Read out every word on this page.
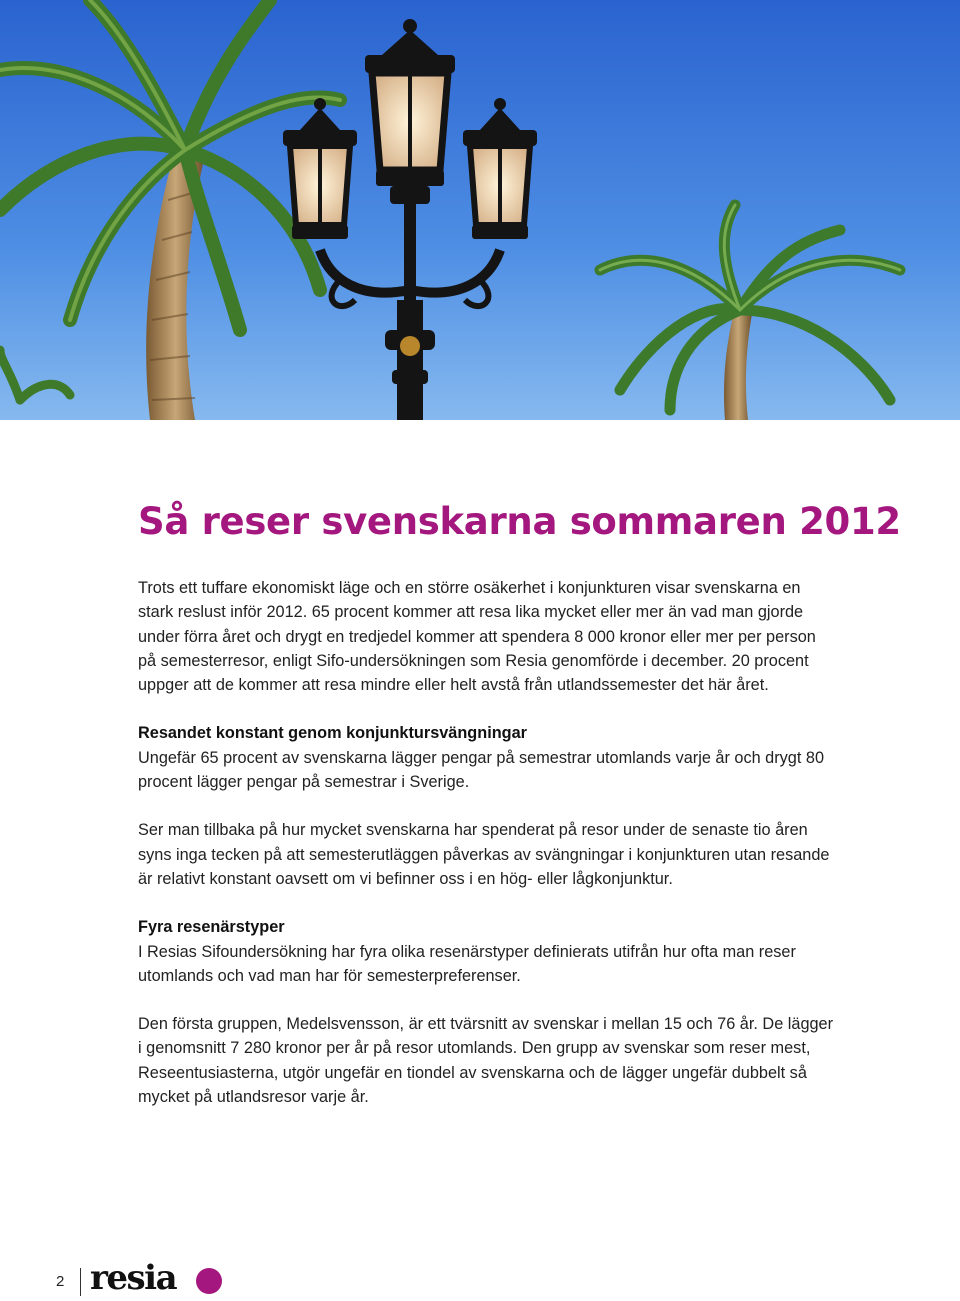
Så reser svenskarna sommaren 2012

Trots ett tuffare ekonomiskt läge och en större osäkerhet i konjunkturen visar svenskarna en stark reslust inför 2012. 65 procent kommer att resa lika mycket eller mer än vad man gjorde under förra året och drygt en tredjedel kommer att spendera 8 000 kronor eller mer per person på semesterresor, enligt Sifo-undersökningen som Resia genomförde i december. 20 procent uppger att de kommer att resa mindre eller helt avstå från utlandssemester det här året.

Resandet konstant genom konjunktursvängningar

Ungefär 65 procent av svenskarna lägger pengar på semestrar utomlands varje år och drygt 80 procent lägger pengar på semestrar i Sverige.

Ser man tillbaka på hur mycket svenskarna har spenderat på resor under de senaste tio åren syns inga tecken på att semesterutläggen påverkas av svängningar i konjunkturen utan resande är relativt konstant oavsett om vi befinner oss i en hög- eller lågkonjunktur.

Fyra resenärstyper

I Resias Sifoundersökning har fyra olika resenärstyper definierats utifrån hur ofta man reser utomlands och vad man har för semesterpreferenser.

Den första gruppen, Medelsvensson, är ett tvärsnitt av svenskar i mellan 15 och 76 år. De lägger i genomsnitt 7 280 kronor per år på resor utomlands. Den grupp av svenskar som reser mest, Reseentusiasterna, utgör ungefär en tiondel av svenskarna och de lägger ungefär dubbelt så mycket på utlandsresor varje år.

2 resia
